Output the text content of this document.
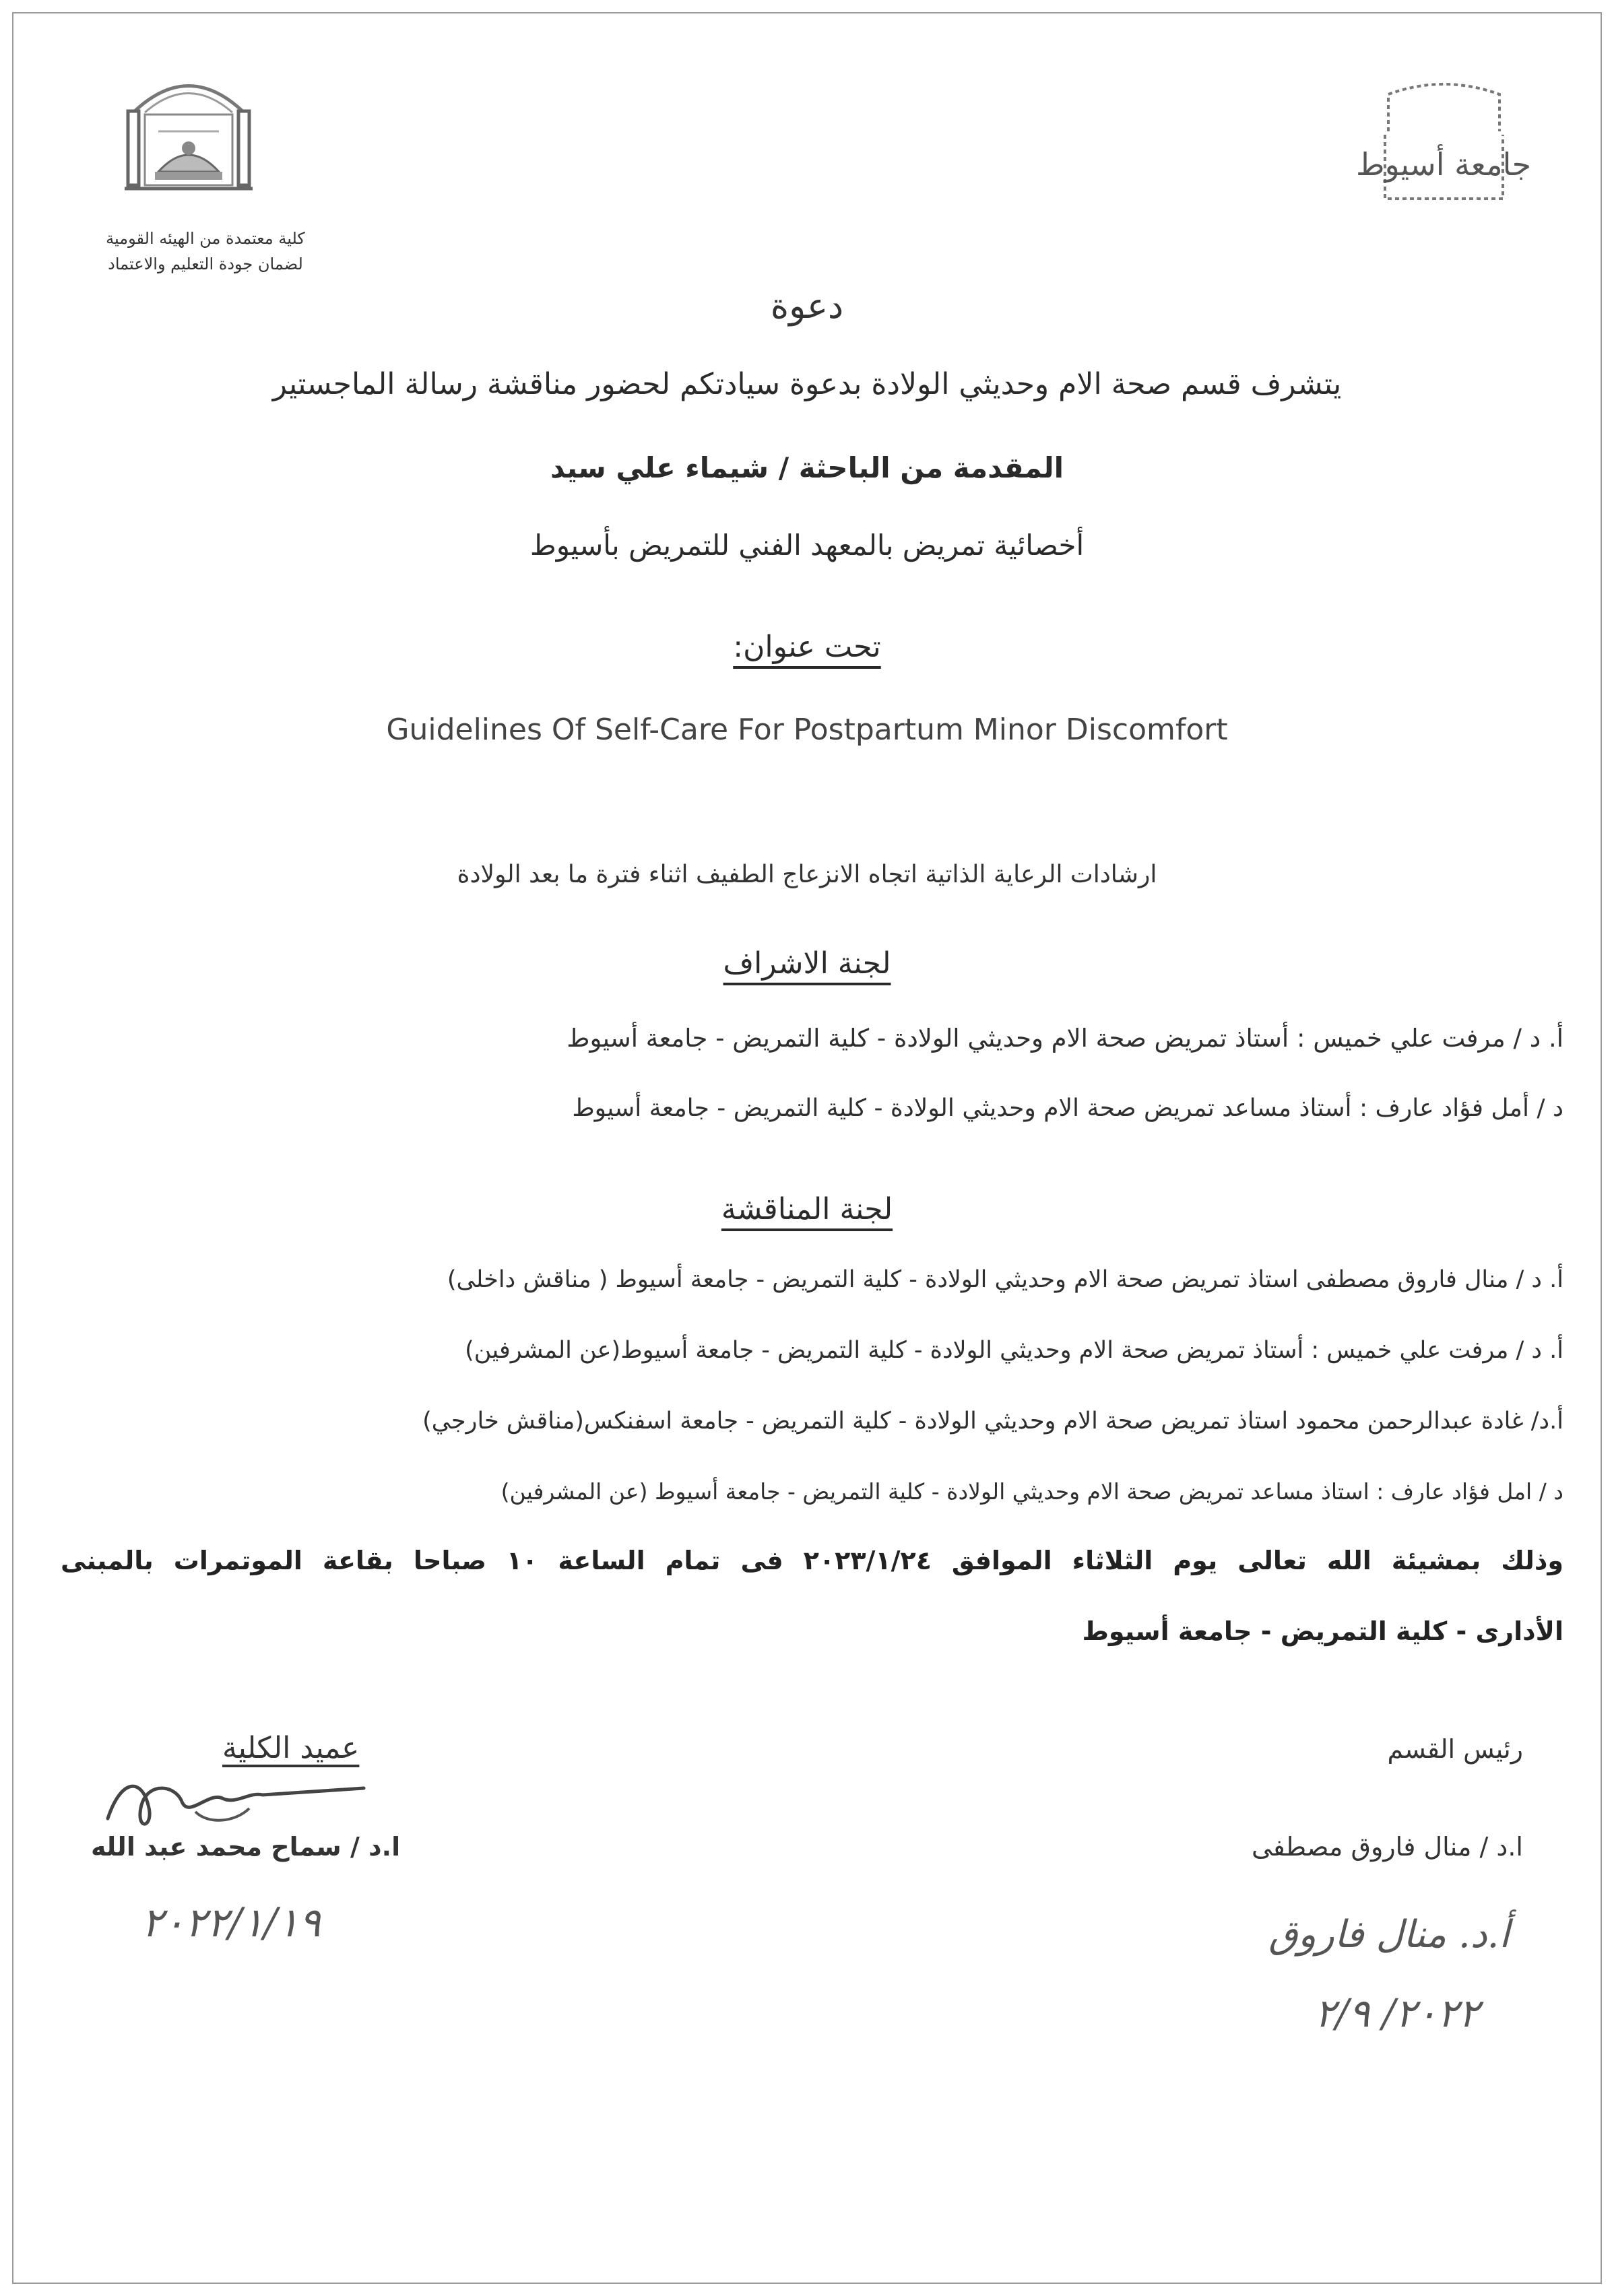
كلية معتمدة من الهيئه القومية
لضمان جودة التعليم والاعتماد
جامعة أسيوط
دعوة
يتشرف قسم صحة الام وحديثي الولادة بدعوة سيادتكم لحضور مناقشة رسالة الماجستير
المقدمة من الباحثة / شيماء علي سيد
أخصائية تمريض بالمعهد الفني للتمريض بأسيوط
تحت عنوان:
Guidelines Of Self-Care For Postpartum Minor Discomfort
ارشادات الرعاية الذاتية اتجاه الانزعاج الطفيف اثناء فترة ما بعد الولادة
لجنة الاشراف
أ. د / مرفت علي خميس : أستاذ تمريض صحة الام وحديثي الولادة - كلية التمريض - جامعة أسيوط
د / أمل فؤاد عارف : أستاذ مساعد تمريض صحة الام وحديثي الولادة - كلية التمريض - جامعة أسيوط
لجنة المناقشة
أ. د / منال فاروق مصطفى استاذ تمريض صحة الام وحديثي الولادة - كلية التمريض - جامعة أسيوط ( مناقش داخلى)
أ. د / مرفت علي خميس : أستاذ تمريض صحة الام وحديثي الولادة - كلية التمريض - جامعة أسيوط(عن المشرفين)
أ.د/ غادة عبدالرحمن محمود استاذ تمريض صحة الام وحديثي الولادة - كلية التمريض - جامعة اسفنكس(مناقش خارجي)
د / امل فؤاد عارف : استاذ مساعد تمريض صحة الام وحديثي الولادة - كلية التمريض - جامعة أسيوط (عن المشرفين)
وذلك بمشيئة الله تعالى يوم الثلاثاء الموافق ٢٠٢٣/١/٢٤ فى تمام الساعة ١٠ صباحا بقاعة الموتمرات بالمبنى
الأدارى - كلية التمريض - جامعة أسيوط
رئيس القسم
ا.د / منال فاروق مصطفى
أ.د. منال فاروق
٢٠٢٢/ ٢/٩
عميد الكلية
ا.د / سماح محمد عبد الله
٢٠٢٢/١/١٩
